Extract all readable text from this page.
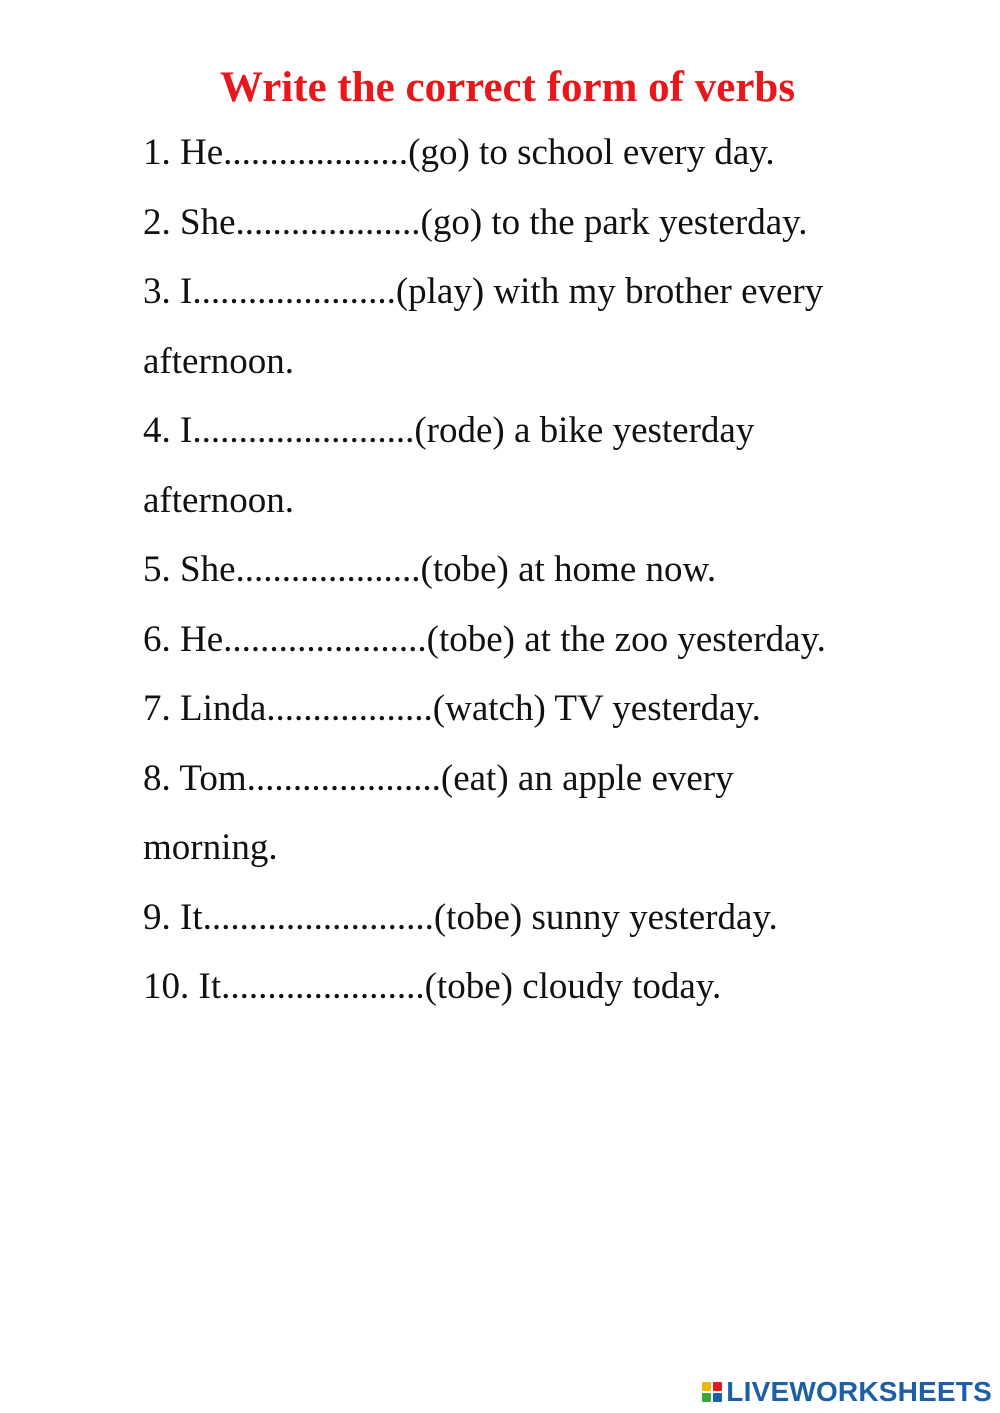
Write the correct form of verbs
1. He....................(go) to school every day.
2. She....................(go) to the park yesterday.
3. I......................(play) with my brother every
afternoon.
4. I........................(rode) a bike yesterday
afternoon.
5. She....................(tobe) at home now.
6. He......................(tobe) at the zoo yesterday.
7. Linda..................(watch) TV yesterday.
8. Tom.....................(eat) an apple every
morning.
9. It.........................(tobe) sunny yesterday.
10. It......................(tobe) cloudy today.
LIVEWORKSHEETS
